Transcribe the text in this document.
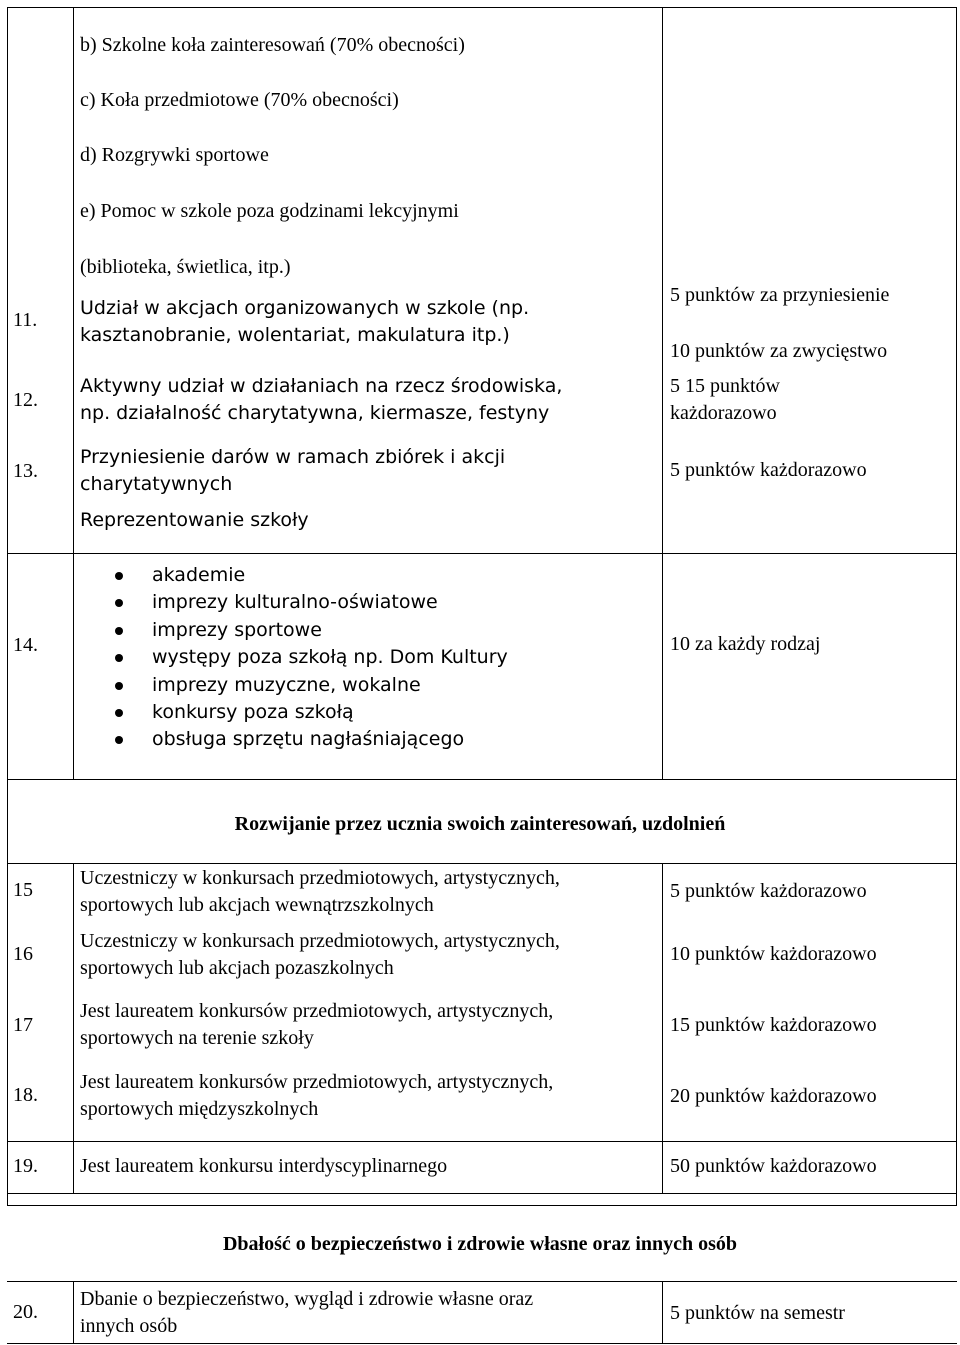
b) Szkolne koła zainteresowań (70% obecności)
c) Koła przedmiotowe (70% obecności)
d) Rozgrywki sportowe
e) Pomoc w szkole poza godzinami lekcyjnymi
(biblioteka, świetlica, itp.)
11.
Udział w akcjach organizowanych w szkole (np.
kasztanobranie, wolentariat, makulatura itp.)
5 punktów za przyniesienie
10 punktów za zwycięstwo
12.
Aktywny udział w działaniach na rzecz środowiska,
np. działalność charytatywna, kiermasze, festyny
5 15 punktów
każdorazowo
13.
Przyniesienie darów w ramach zbiórek i akcji
charytatywnych
5 punktów każdorazowo
Reprezentowanie szkoły
14.
akademie
imprezy kulturalno-oświatowe
imprezy sportowe
występy poza szkołą np. Dom Kultury
imprezy muzyczne, wokalne
konkursy poza szkołą
obsługa sprzętu nagłaśniającego
10 za każdy rodzaj
Rozwijanie przez ucznia swoich zainteresowań, uzdolnień
15
Uczestniczy w konkursach przedmiotowych, artystycznych,
sportowych lub akcjach wewnątrzszkolnych
5 punktów każdorazowo
16
Uczestniczy w konkursach przedmiotowych, artystycznych,
sportowych lub akcjach pozaszkolnych
10 punktów każdorazowo
17
Jest laureatem konkursów przedmiotowych, artystycznych,
sportowych na terenie szkoły
15 punktów każdorazowo
18.
Jest laureatem konkursów przedmiotowych, artystycznych,
sportowych międzyszkolnych
20 punktów każdorazowo
19. Jest laureatem konkursu interdyscyplinarnego	50 punktów każdorazowo
Dbałość o bezpieczeństwo i zdrowie własne oraz innych osób
20.
Dbanie o bezpieczeństwo, wygląd i zdrowie własne oraz
innych osób
5 punktów na semestr
